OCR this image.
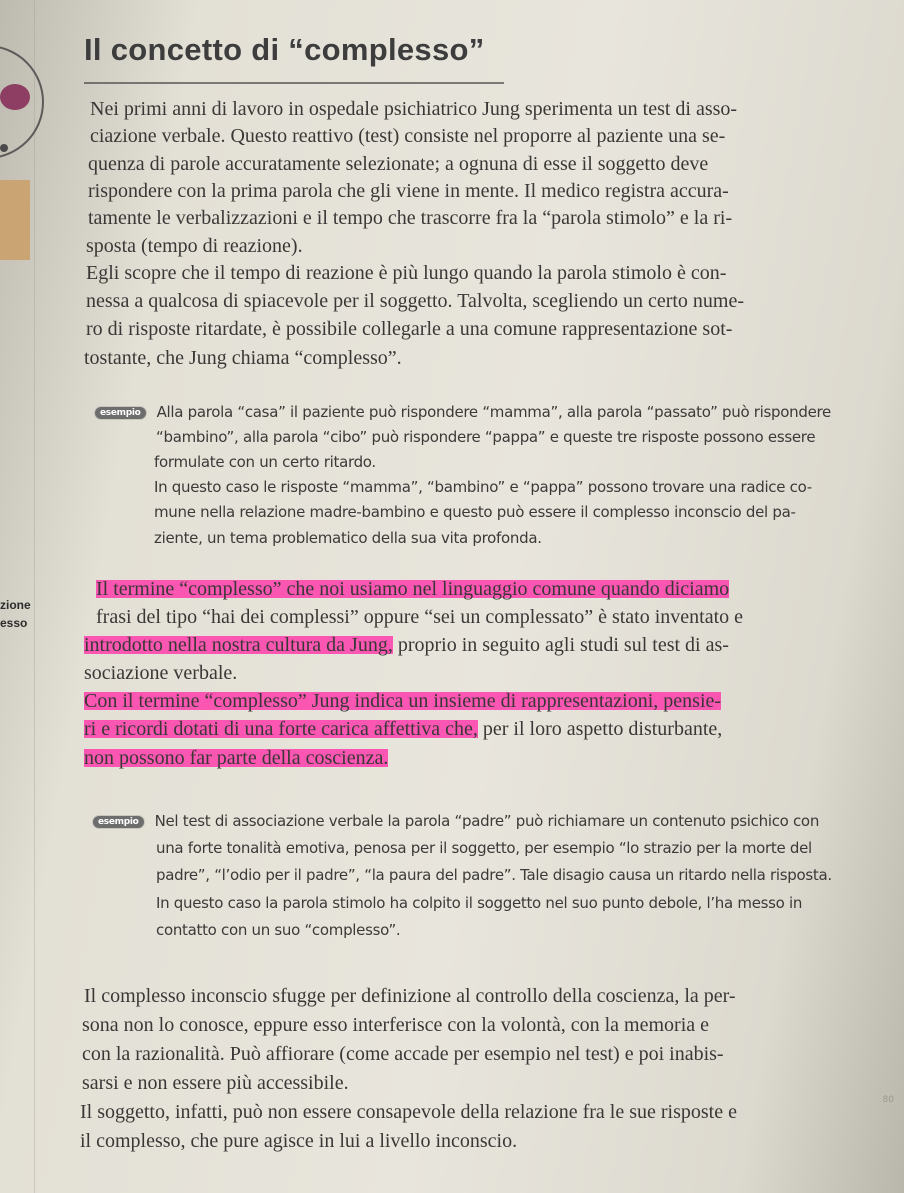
zione
esso
Il concetto di “complesso”
Nei primi anni di lavoro in ospedale psichiatrico Jung sperimenta un test di asso-
ciazione verbale. Questo reattivo (test) consiste nel proporre al paziente una se-
quenza di parole accuratamente selezionate; a ognuna di esse il soggetto deve
rispondere con la prima parola che gli viene in mente. Il medico registra accura-
tamente le verbalizzazioni e il tempo che trascorre fra la “parola stimolo” e la ri-
sposta (tempo di reazione).
Egli scopre che il tempo di reazione è più lungo quando la parola stimolo è con-
nessa a qualcosa di spiacevole per il soggetto. Talvolta, scegliendo un certo nume-
ro di risposte ritardate, è possibile collegarle a una comune rappresentazione sot-
tostante, che Jung chiama “complesso”.
esempio Alla parola “casa” il paziente può rispondere “mamma”, alla parola “passato” può rispondere
“bambino”, alla parola “cibo” può rispondere “pappa” e queste tre risposte possono essere
formulate con un certo ritardo.
In questo caso le risposte “mamma”, “bambino” e “pappa” possono trovare una radice co-
mune nella relazione madre-bambino e questo può essere il complesso inconscio del pa-
ziente, un tema problematico della sua vita profonda.
Il termine “complesso” che noi usiamo nel linguaggio comune quando diciamo
frasi del tipo “hai dei complessi” oppure “sei un complessato” è stato inventato e
introdotto nella nostra cultura da Jung, proprio in seguito agli studi sul test di as-
sociazione verbale.
Con il termine “complesso” Jung indica un insieme di rappresentazioni, pensie-
ri e ricordi dotati di una forte carica affettiva che, per il loro aspetto disturbante,
non possono far parte della coscienza.
esempio Nel test di associazione verbale la parola “padre” può richiamare un contenuto psichico con
una forte tonalità emotiva, penosa per il soggetto, per esempio “lo strazio per la morte del
padre”, “l’odio per il padre”, “la paura del padre”. Tale disagio causa un ritardo nella risposta.
In questo caso la parola stimolo ha colpito il soggetto nel suo punto debole, l’ha messo in
contatto con un suo “complesso”.
Il complesso inconscio sfugge per definizione al controllo della coscienza, la per-
sona non lo conosce, eppure esso interferisce con la volontà, con la memoria e
con la razionalità. Può affiorare (come accade per esempio nel test) e poi inabis-
sarsi e non essere più accessibile.
Il soggetto, infatti, può non essere consapevole della relazione fra le sue risposte e
il complesso, che pure agisce in lui a livello inconscio.
80
